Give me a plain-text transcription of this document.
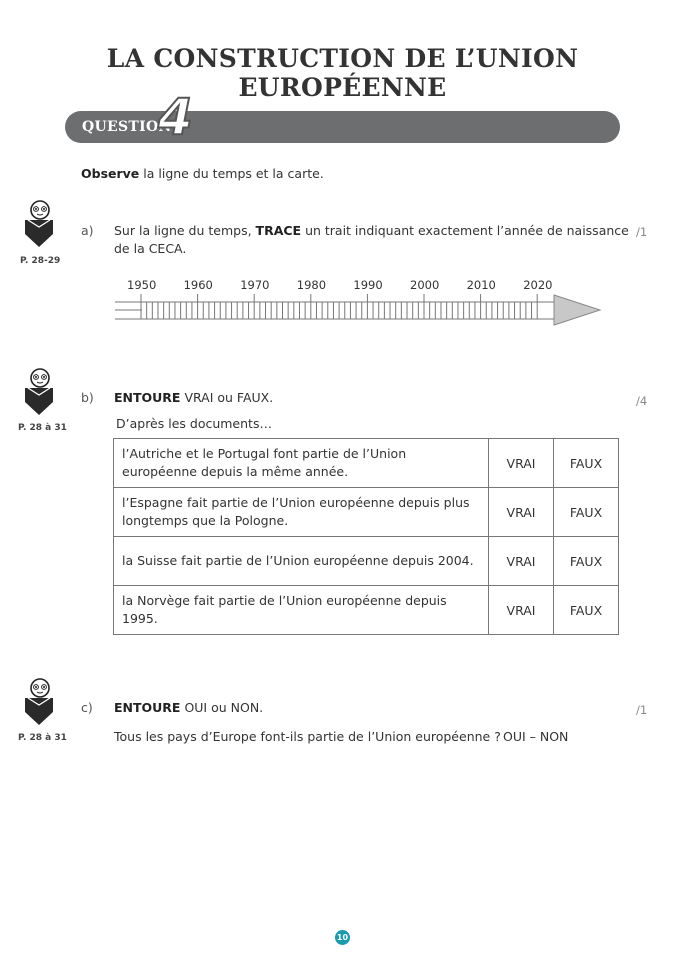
LA CONSTRUCTION DE L’UNION EUROPÉENNE
QUESTION
4
Observe la ligne du temps et la carte.
P. 28-29
a) Sur la ligne du temps, TRACE un trait indiquant exactement l’année de naissance
de la CECA.
/1
1950 1960 1970 1980 1990 2000 2010 2020
P. 28 à 31
b) ENTOURE VRAI ou FAUX.
D’après les documents…
/4
l’Autriche et le Portugal font partie de l’Union
européenne depuis la même année.	VRAI	FAUX
l’Espagne fait partie de l’Union européenne depuis plus
longtemps que la Pologne.	VRAI	FAUX
la Suisse fait partie de l’Union européenne depuis 2004.	VRAI	FAUX
la Norvège fait partie de l’Union européenne depuis
1995.	VRAI	FAUX
P. 28 à 31
c) ENTOURE OUI ou NON.
Tous les pays d’Europe font-ils partie de l’Union européenne ? OUI – NON
/1
10
